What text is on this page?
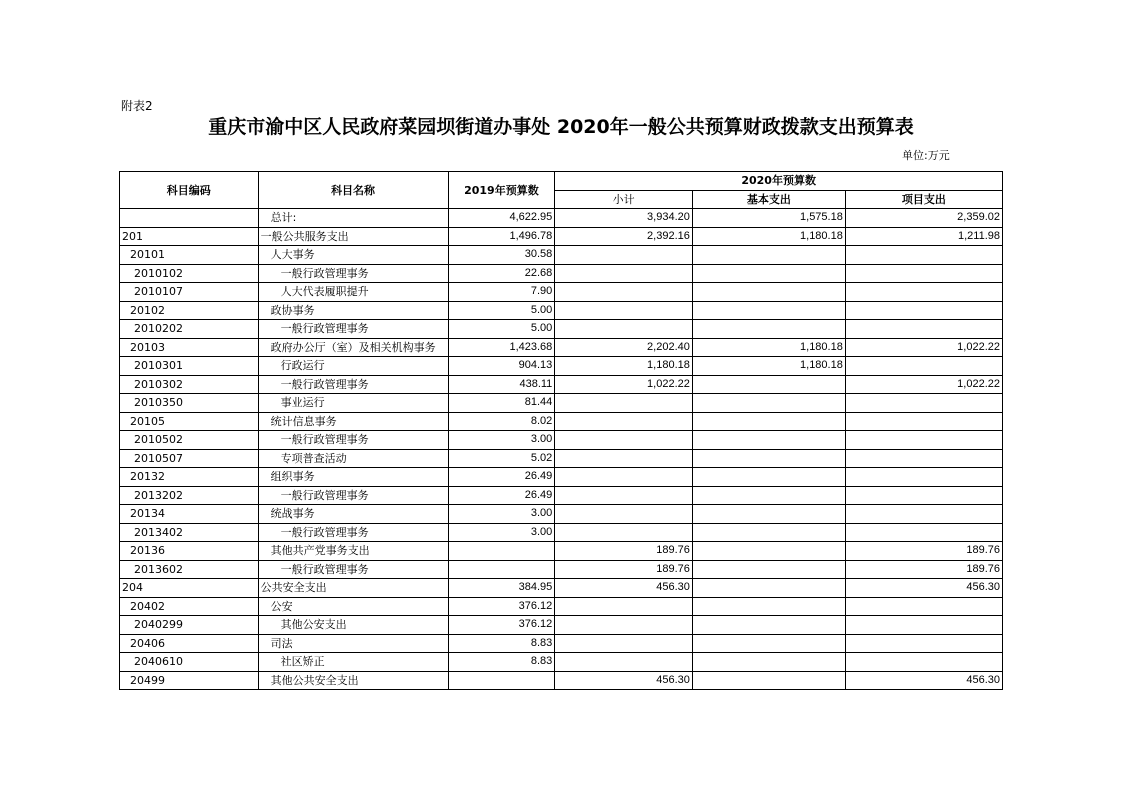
附表2
重庆市渝中区人民政府菜园坝街道办事处 2020年一般公共预算财政拨款支出预算表
单位:万元
科目编码	科目名称	2019年预算数	2020年预算数		
			小计	基本支出	项目支出
	总计:	4,622.95	3,934.20	1,575.18	2,359.02
201	一般公共服务支出	1,496.78	2,392.16	1,180.18	1,211.98
20101	人大事务	30.58			
2010102	一般行政管理事务	22.68			
2010107	人大代表履职提升	7.90			
20102	政协事务	5.00			
2010202	一般行政管理事务	5.00			
20103	政府办公厅（室）及相关机构事务	1,423.68	2,202.40	1,180.18	1,022.22
2010301	行政运行	904.13	1,180.18	1,180.18	
2010302	一般行政管理事务	438.11	1,022.22		1,022.22
2010350	事业运行	81.44			
20105	统计信息事务	8.02			
2010502	一般行政管理事务	3.00			
2010507	专项普查活动	5.02			
20132	组织事务	26.49			
2013202	一般行政管理事务	26.49			
20134	统战事务	3.00			
2013402	一般行政管理事务	3.00			
20136	其他共产党事务支出		189.76		189.76
2013602	一般行政管理事务		189.76		189.76
204	公共安全支出	384.95	456.30		456.30
20402	公安	376.12			
2040299	其他公安支出	376.12			
20406	司法	8.83			
2040610	社区矫正	8.83			
20499	其他公共安全支出		456.30		456.30
